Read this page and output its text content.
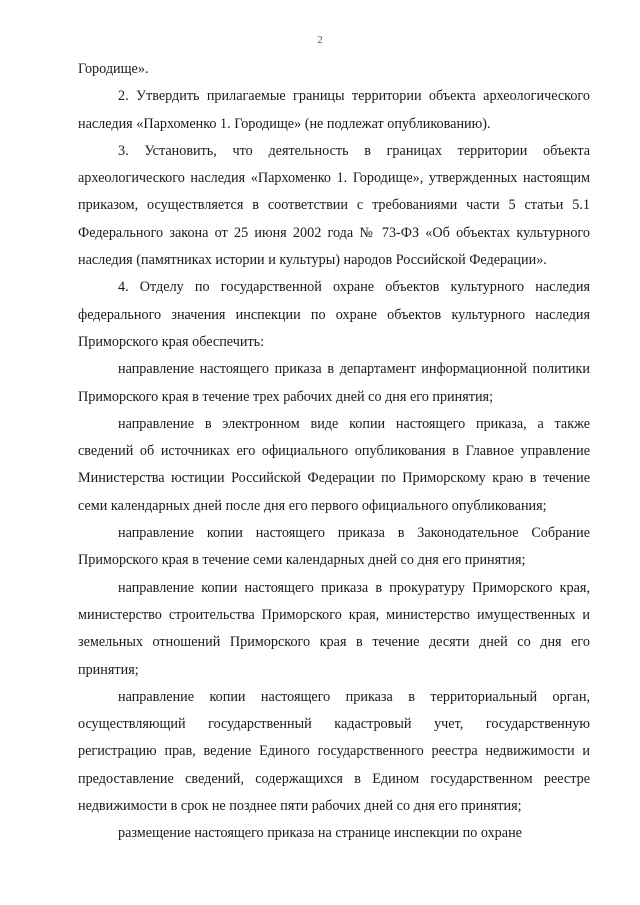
2

Городище».

2. Утвердить прилагаемые границы территории объекта археологического наследия «Пархоменко 1. Городище» (не подлежат опубликованию).

3. Установить, что деятельность в границах территории объекта археологического наследия «Пархоменко 1. Городище», утвержденных настоящим приказом, осуществляется в соответствии с требованиями части 5 статьи 5.1 Федерального закона от 25 июня 2002 года № 73-ФЗ «Об объектах культурного наследия (памятниках истории и культуры) народов Российской Федерации».

4. Отделу по государственной охране объектов культурного наследия федерального значения инспекции по охране объектов культурного наследия Приморского края обеспечить:

направление настоящего приказа в департамент информационной политики Приморского края в течение трех рабочих дней со дня его принятия;

направление в электронном виде копии настоящего приказа, а также сведений об источниках его официального опубликования в Главное управление Министерства юстиции Российской Федерации по Приморскому краю в течение семи календарных дней после дня его первого официального опубликования;

направление копии настоящего приказа в Законодательное Собрание Приморского края в течение семи календарных дней со дня его принятия;

направление копии настоящего приказа в прокуратуру Приморского края, министерство строительства Приморского края, министерство имущественных и земельных отношений Приморского края в течение десяти дней со дня его принятия;

направление копии настоящего приказа в территориальный орган, осуществляющий государственный кадастровый учет, государственную регистрацию прав, ведение Единого государственного реестра недвижимости и предоставление сведений, содержащихся в Едином государственном реестре недвижимости в срок не позднее пяти рабочих дней со дня его принятия;

размещение настоящего приказа на странице инспекции по охране
